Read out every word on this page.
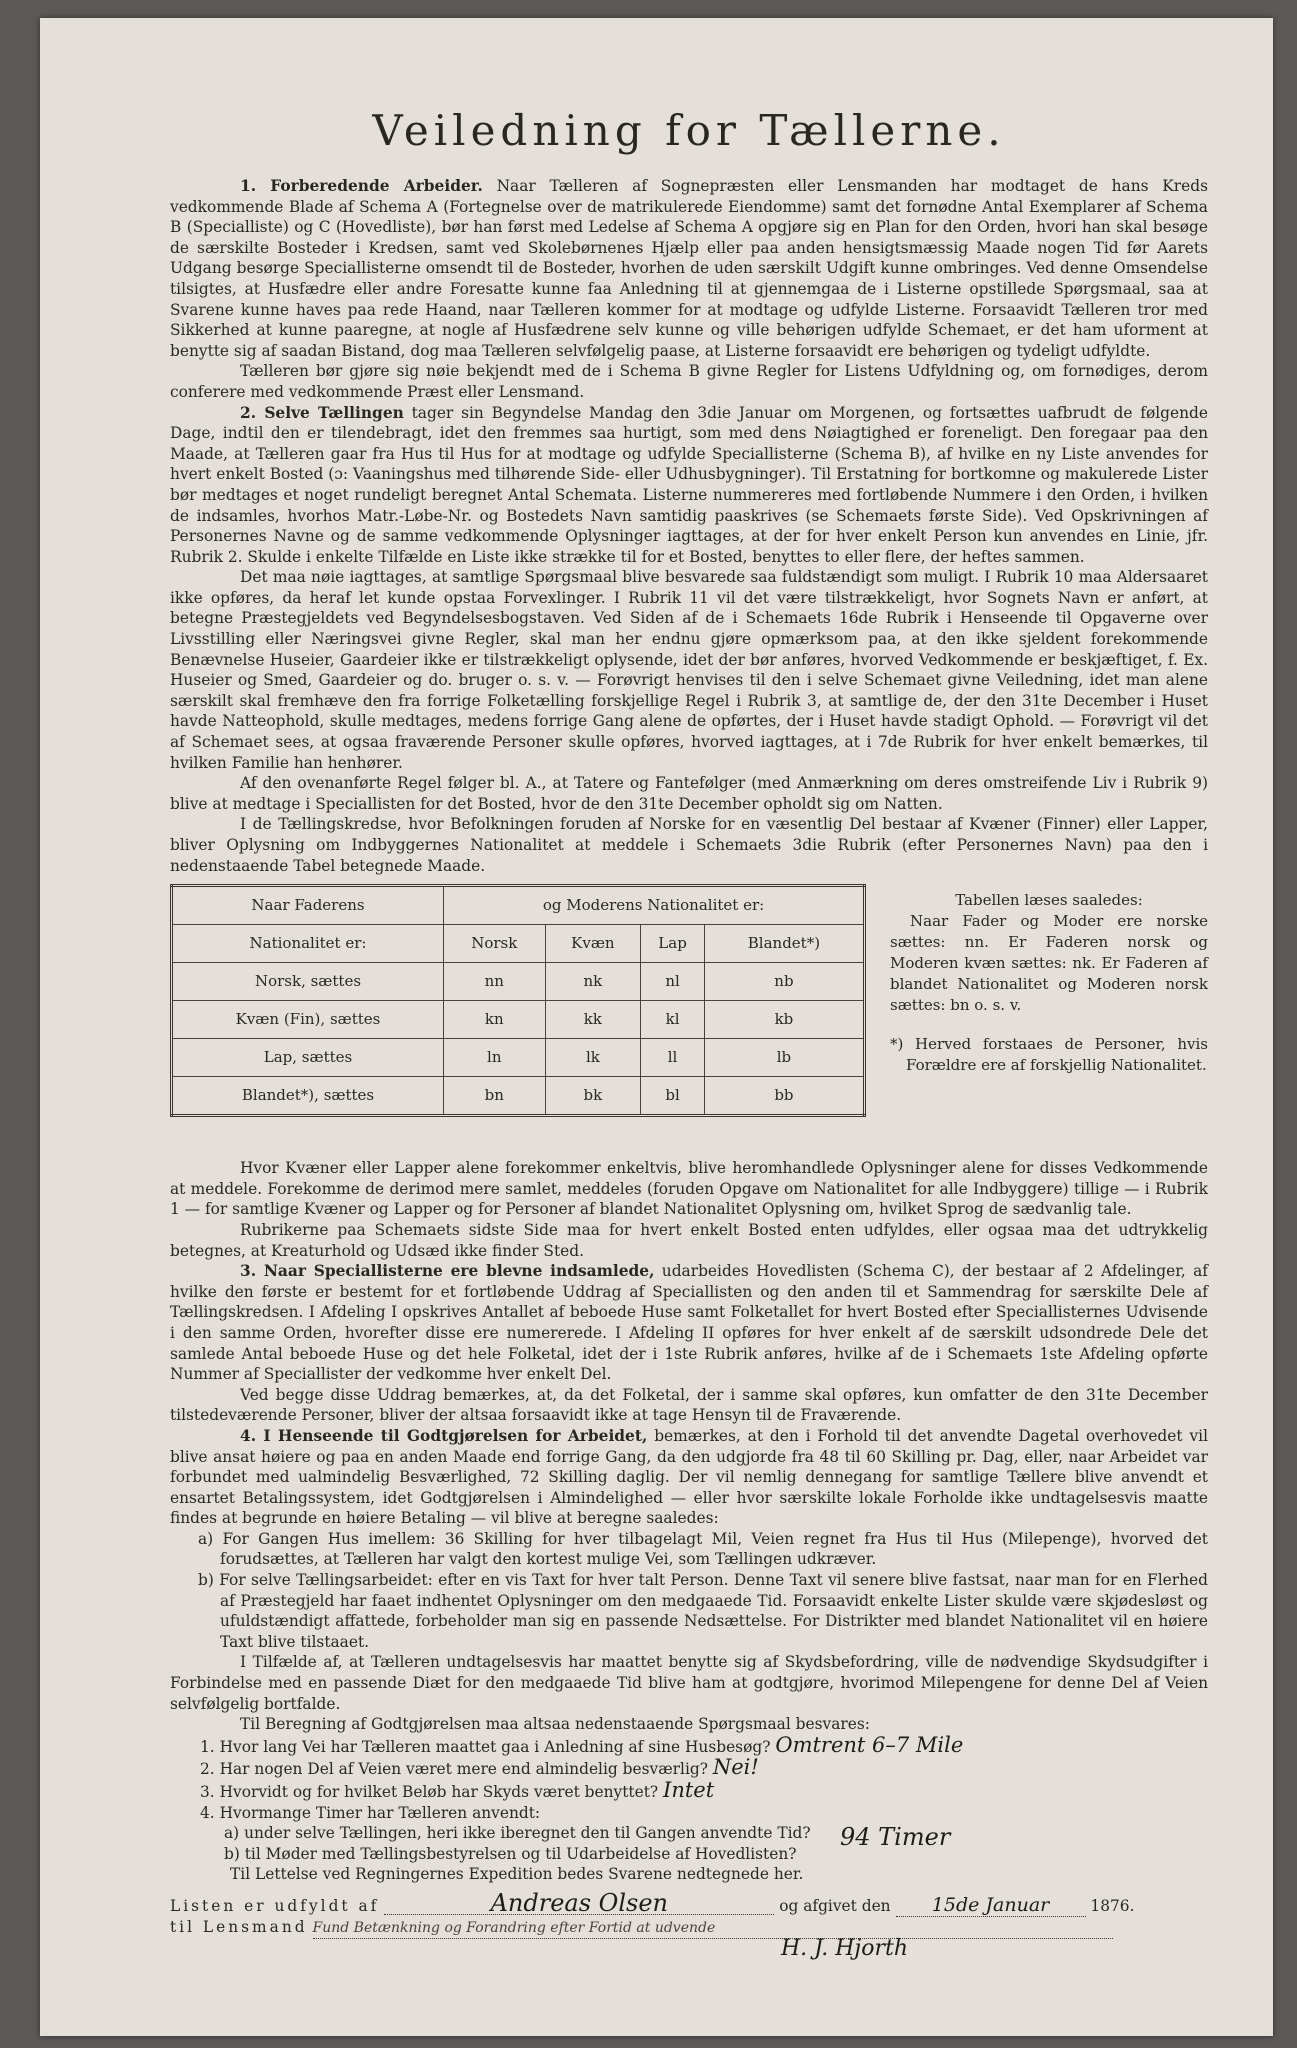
Veiledning for Tællerne.

1. Forberedende Arbeider. Naar Tælleren af Sognepræsten eller Lensmanden har modtaget de hans Kreds vedkommende Blade af Schema A (Fortegnelse over de matrikulerede Eiendomme) samt det fornødne Antal Exemplarer af Schema B (Specialliste) og C (Hovedliste), bør han først med Ledelse af Schema A opgjøre sig en Plan for den Orden, hvori han skal besøge de særskilte Bosteder i Kredsen, samt ved Skolebørnenes Hjælp eller paa anden hensigtsmæssig Maade nogen Tid før Aarets Udgang besørge Speciallisterne omsendt til de Bosteder, hvorhen de uden særskilt Udgift kunne ombringes. Ved denne Omsendelse tilsigtes, at Husfædre eller andre Foresatte kunne faa Anledning til at gjennemgaa de i Listerne opstillede Spørgsmaal, saa at Svarene kunne haves paa rede Haand, naar Tælleren kommer for at modtage og udfylde Listerne. Forsaavidt Tælleren tror med Sikkerhed at kunne paaregne, at nogle af Husfædrene selv kunne og ville behørigen udfylde Schemaet, er det ham uforment at benytte sig af saadan Bistand, dog maa Tælleren selvfølgelig paase, at Listerne forsaavidt ere behørigen og tydeligt udfyldte.

Tælleren bør gjøre sig nøie bekjendt med de i Schema B givne Regler for Listens Udfyldning og, om fornødiges, derom conferere med vedkommende Præst eller Lensmand.

2. Selve Tællingen tager sin Begyndelse Mandag den 3die Januar om Morgenen, og fortsættes uafbrudt de følgende Dage, indtil den er tilendebragt, idet den fremmes saa hurtigt, som med dens Nøiagtighed er foreneligt. Den foregaar paa den Maade, at Tælleren gaar fra Hus til Hus for at modtage og udfylde Speciallisterne (Schema B), af hvilke en ny Liste anvendes for hvert enkelt Bosted (ɔ: Vaaningshus med tilhørende Side- eller Udhusbygninger). Til Erstatning for bortkomne og makulerede Lister bør medtages et noget rundeligt beregnet Antal Schemata. Listerne nummereres med fortløbende Nummere i den Orden, i hvilken de indsamles, hvorhos Matr.-Løbe-Nr. og Bostedets Navn samtidig paaskrives (se Schemaets første Side). Ved Opskrivningen af Personernes Navne og de samme vedkommende Oplysninger iagttages, at der for hver enkelt Person kun anvendes en Linie, jfr. Rubrik 2. Skulde i enkelte Tilfælde en Liste ikke strække til for et Bosted, benyttes to eller flere, der heftes sammen.

Det maa nøie iagttages, at samtlige Spørgsmaal blive besvarede saa fuldstændigt som muligt. I Rubrik 10 maa Aldersaaret ikke opføres, da heraf let kunde opstaa Forvexlinger. I Rubrik 11 vil det være tilstrækkeligt, hvor Sognets Navn er anført, at betegne Præstegjeldets ved Begyndelsesbogstaven. Ved Siden af de i Schemaets 16de Rubrik i Henseende til Opgaverne over Livsstilling eller Næringsvei givne Regler, skal man her endnu gjøre opmærksom paa, at den ikke sjeldent forekommende Benævnelse Huseier, Gaardeier ikke er tilstrækkeligt oplysende, idet der bør anføres, hvorved Vedkommende er beskjæftiget, f. Ex. Huseier og Smed, Gaardeier og do. bruger o. s. v. — Forøvrigt henvises til den i selve Schemaet givne Veiledning, idet man alene særskilt skal fremhæve den fra forrige Folketælling forskjellige Regel i Rubrik 3, at samtlige de, der den 31te December i Huset havde Natteophold, skulle medtages, medens forrige Gang alene de opførtes, der i Huset havde stadigt Ophold. — Forøvrigt vil det af Schemaet sees, at ogsaa fraværende Personer skulle opføres, hvorved iagttages, at i 7de Rubrik for hver enkelt bemærkes, til hvilken Familie han henhører.

Af den ovenanførte Regel følger bl. A., at Tatere og Fantefølger (med Anmærkning om deres omstreifende Liv i Rubrik 9) blive at medtage i Speciallisten for det Bosted, hvor de den 31te December opholdt sig om Natten.

I de Tællingskredse, hvor Befolkningen foruden af Norske for en væsentlig Del bestaar af Kvæner (Finner) eller Lapper, bliver Oplysning om Indbyggernes Nationalitet at meddele i Schemaets 3die Rubrik (efter Personernes Navn) paa den i nedenstaaende Tabel betegnede Maade.

Naar Faderens	og Moderens Nationalitet er:			
Nationalitet er:	Norsk	Kvæn	Lap	Blandet*)
Norsk, sættes	nn	nk	nl	nb
Kvæn (Fin), sættes	kn	kk	kl	kb
Lap, sættes	ln	lk	ll	lb
Blandet*), sættes	bn	bk	bl	bb

Tabellen læses saaledes:

Naar Fader og Moder ere norske sættes: nn. Er Faderen norsk og Moderen kvæn sættes: nk. Er Faderen af blandet Nationalitet og Moderen norsk sættes: bn o. s. v.

*) Herved forstaaes de Personer, hvis Forældre ere af forskjellig Nationalitet.

Hvor Kvæner eller Lapper alene forekommer enkeltvis, blive heromhandlede Oplysninger alene for disses Vedkommende at meddele. Forekomme de derimod mere samlet, meddeles (foruden Opgave om Nationalitet for alle Indbyggere) tillige — i Rubrik 1 — for samtlige Kvæner og Lapper og for Personer af blandet Nationalitet Oplysning om, hvilket Sprog de sædvanlig tale.

Rubrikerne paa Schemaets sidste Side maa for hvert enkelt Bosted enten udfyldes, eller ogsaa maa det udtrykkelig betegnes, at Kreaturhold og Udsæd ikke finder Sted.

3. Naar Speciallisterne ere blevne indsamlede, udarbeides Hovedlisten (Schema C), der bestaar af 2 Afdelinger, af hvilke den første er bestemt for et fortløbende Uddrag af Speciallisten og den anden til et Sammendrag for særskilte Dele af Tællingskredsen. I Afdeling I opskrives Antallet af beboede Huse samt Folketallet for hvert Bosted efter Speciallisternes Udvisende i den samme Orden, hvorefter disse ere numererede. I Afdeling II opføres for hver enkelt af de særskilt udsondrede Dele det samlede Antal beboede Huse og det hele Folketal, idet der i 1ste Rubrik anføres, hvilke af de i Schemaets 1ste Afdeling opførte Nummer af Speciallister der vedkomme hver enkelt Del.

Ved begge disse Uddrag bemærkes, at, da det Folketal, der i samme skal opføres, kun omfatter de den 31te December tilstedeværende Personer, bliver der altsaa forsaavidt ikke at tage Hensyn til de Fraværende.

4. I Henseende til Godtgjørelsen for Arbeidet, bemærkes, at den i Forhold til det anvendte Dagetal overhovedet vil blive ansat høiere og paa en anden Maade end forrige Gang, da den udgjorde fra 48 til 60 Skilling pr. Dag, eller, naar Arbeidet var forbundet med ualmindelig Besværlighed, 72 Skilling daglig. Der vil nemlig dennegang for samtlige Tællere blive anvendt et ensartet Betalingssystem, idet Godtgjørelsen i Almindelighed — eller hvor særskilte lokale Forholde ikke undtagelsesvis maatte findes at begrunde en høiere Betaling — vil blive at beregne saaledes:

a) For Gangen Hus imellem: 36 Skilling for hver tilbagelagt Mil, Veien regnet fra Hus til Hus (Milepenge), hvorved det forudsættes, at Tælleren har valgt den kortest mulige Vei, som Tællingen udkræver.

b) For selve Tællingsarbeidet: efter en vis Taxt for hver talt Person. Denne Taxt vil senere blive fastsat, naar man for en Flerhed af Præstegjeld har faaet indhentet Oplysninger om den medgaaede Tid. Forsaavidt enkelte Lister skulde være skjødesløst og ufuldstændigt affattede, forbeholder man sig en passende Nedsættelse. For Distrikter med blandet Nationalitet vil en høiere Taxt blive tilstaaet.

I Tilfælde af, at Tælleren undtagelsesvis har maattet benytte sig af Skydsbefordring, ville de nødvendige Skydsudgifter i Forbindelse med en passende Diæt for den medgaaede Tid blive ham at godtgjøre, hvorimod Milepengene for denne Del af Veien selvfølgelig bortfalde.

Til Beregning af Godtgjørelsen maa altsaa nedenstaaende Spørgsmaal besvares:

1. Hvor lang Vei har Tælleren maattet gaa i Anledning af sine Husbesøg? Omtrent 6–7 Mile

2. Har nogen Del af Veien været mere end almindelig besværlig? Nei!

3. Hvorvidt og for hvilket Beløb har Skyds været benyttet? Intet

4. Hvormange Timer har Tælleren anvendt:

a) under selve Tællingen, heri ikke iberegnet den til Gangen anvendte Tid?

b) til Møder med Tællingsbestyrelsen og til Udarbeidelse af Hovedlisten?

94 Timer

Til Lettelse ved Regningernes Expedition bedes Svarene nedtegnede her.

Listen er udfyldt af	Andreas Olsen	og afgivet den 15de Januar	1876.

til Lensmand Fund Betænkning og Forandring efter Fortid at udvende

H. J. Hjorth
